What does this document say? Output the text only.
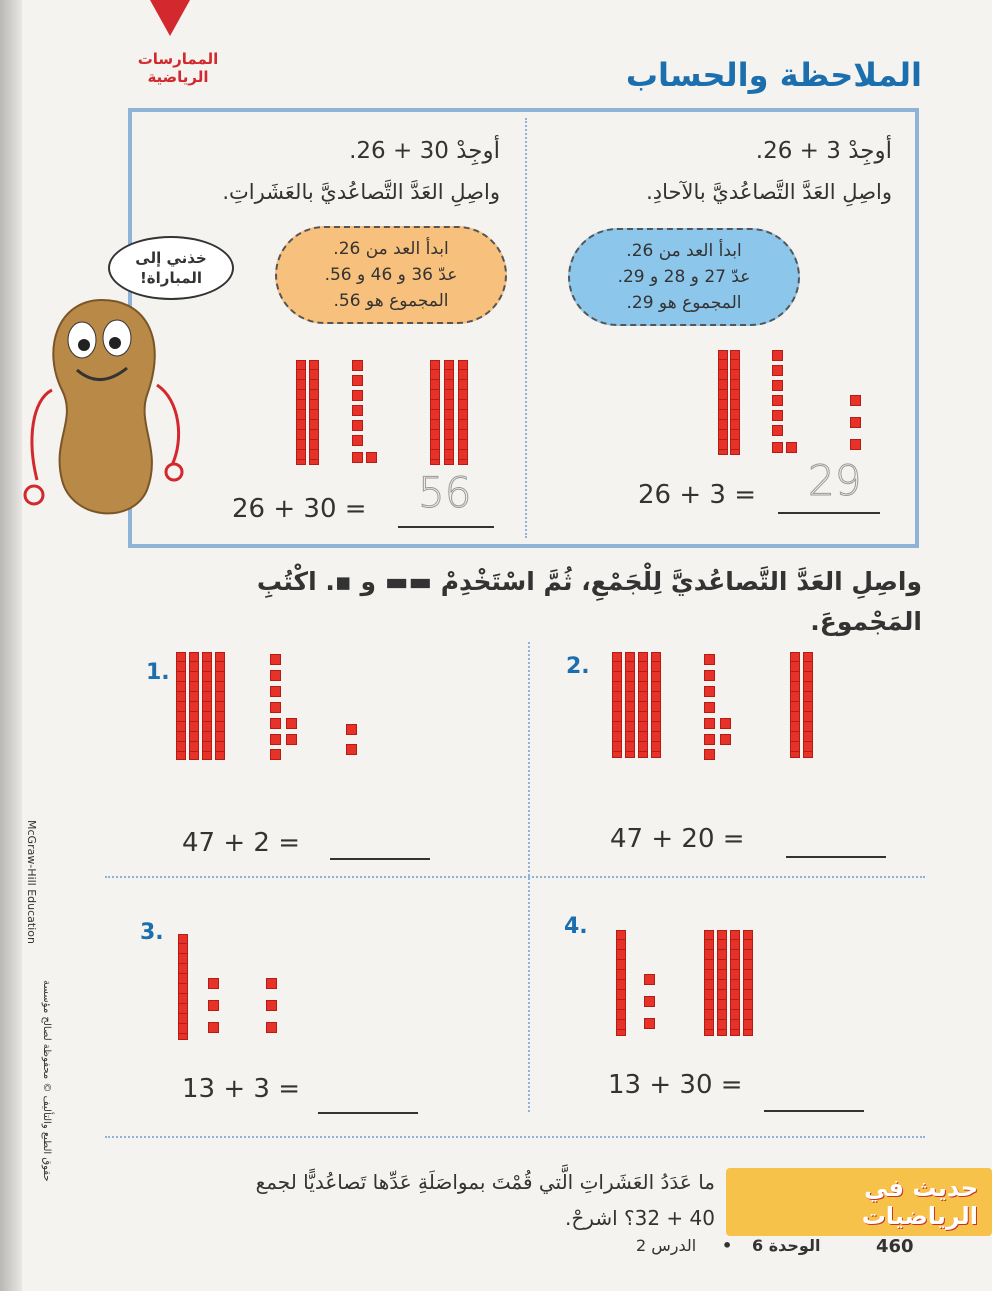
الممارسات
الرياضية	الملاحظة والحساب
أوجِدْ 3 + 26.
واصِلِ العَدَّ التَّصاعُديَّ بالآحادِ.
ابدأ العد من 26.
عدّ 27 و 28 و 29.
المجموع هو 29.
26 + 3 = 29
أوجِدْ 30 + 26.
واصِلِ العَدَّ التَّصاعُديَّ بالعَشَراتِ.
ابدأ العد من 26.
عدّ 36 و 46 و 56.
المجموع هو 56.
26 + 30 = 56
خذني إلى
المباراة!
واصِلِ العَدَّ التَّصاعُديَّ لِلْجَمْعِ، ثُمَّ اسْتَخْدِمْ ▬▬ و ▪. اكْتُبِ
المَجْموعَ.
1.
47 + 2 =
2.
47 + 20 =
3.
13 + 3 =
4.
13 + 30 =
McGraw-Hill Education
حقوق الطبع والتأليف © محفوظة لصالح مؤسسة
حديث في الرياضيات
ما عَدَدُ العَشَراتِ الَّتي قُمْتَ بمواصَلَةِ عَدِّها تَصاعُديًّا لجمع
40 + 32؟ اشرحْ.
460
الوحدة 6
•
الدرس 2
